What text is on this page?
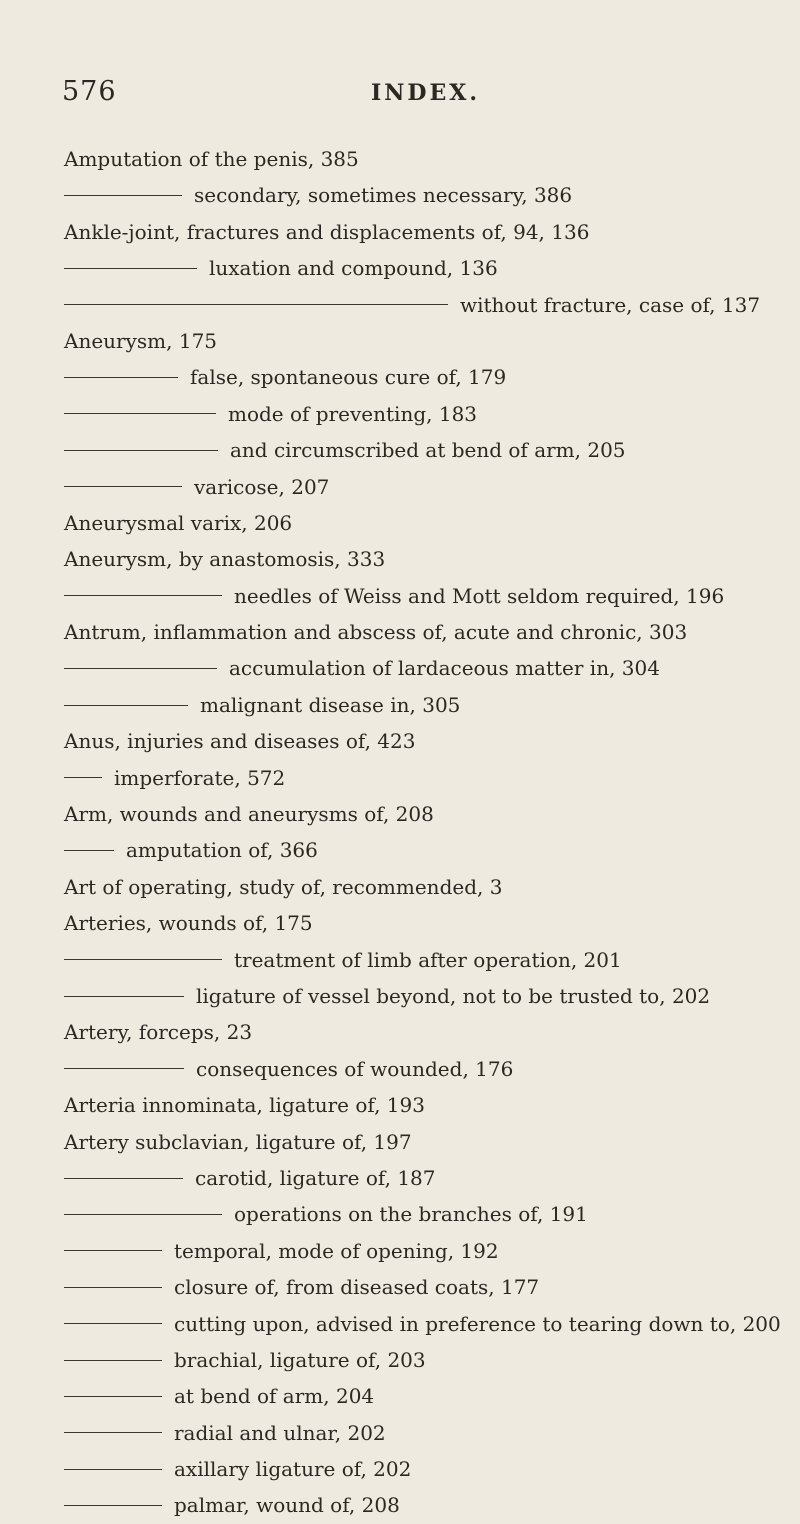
576	INDEX.
Amputation of the penis, 385
secondary, sometimes necessary, 386
Ankle-joint, fractures and displacements of, 94, 136
luxation and compound, 136
without fracture, case of, 137
Aneurysm, 175
false, spontaneous cure of, 179
mode of preventing, 183
and circumscribed at bend of arm, 205
varicose, 207
Aneurysmal varix, 206
Aneurysm, by anastomosis, 333
needles of Weiss and Mott seldom required, 196
Antrum, inflammation and abscess of, acute and chronic, 303
accumulation of lardaceous matter in, 304
malignant disease in, 305
Anus, injuries and diseases of, 423
imperforate, 572
Arm, wounds and aneurysms of, 208
amputation of, 366
Art of operating, study of, recommended, 3
Arteries, wounds of, 175
treatment of limb after operation, 201
ligature of vessel beyond, not to be trusted to, 202
Artery, forceps, 23
consequences of wounded, 176
Arteria innominata, ligature of, 193
Artery subclavian, ligature of, 197
carotid, ligature of, 187
operations on the branches of, 191
temporal, mode of opening, 192
closure of, from diseased coats, 177
cutting upon, advised in preference to tearing down to, 200
brachial, ligature of, 203
at bend of arm, 204
radial and ulnar, 202
axillary ligature of, 202
palmar, wound of, 208
